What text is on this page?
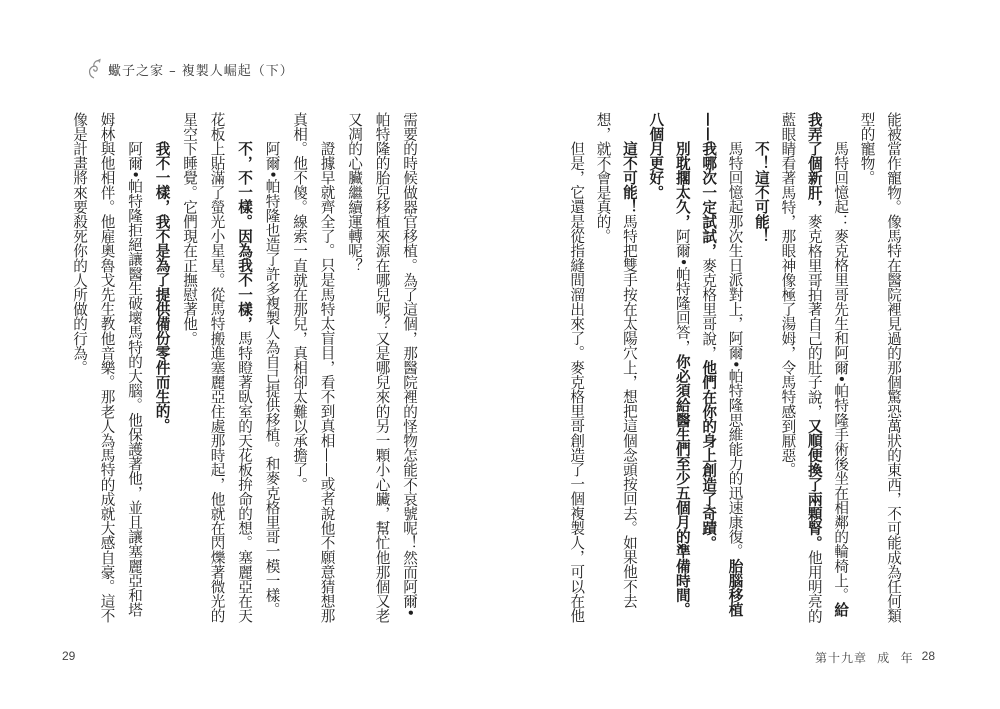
蠍子之家 – 複製人崛起（下）
需要的時候做器官移植。為了這個，那醫院裡的怪物怎能不哀號呢！然而阿爾•
帕特隆的胎兒移植來源在哪兒呢？又是哪兒來的另一顆小心臟，幫忙他那個又老
又凋的心臟繼續運轉呢？
證據早就齊全了。只是馬特太盲目，看不到真相——或者說他不願意猜想那
真相。他不傻。線索一直就在那兒，真相卻太難以承擔了。
阿爾•帕特隆也造了許多複製人為自己提供移植。和麥克格里哥一模一樣。
不，不一樣。因為我不一樣，馬特瞪著臥室的天花板拚命的想。塞麗亞在天
花板上貼滿了螢光小星星。從馬特搬進塞麗亞住處那時起，他就在閃爍著微光的
星空下睡覺。它們現在正撫慰著他。
我不一樣，我不是為了提供備份零件而生的。
阿爾•帕特隆拒絕讓醫生破壞馬特的大腦。他保護著他，並且讓塞麗亞和塔
姆林與他相伴。他雇奧魯戈先生教他音樂。那老人為馬特的成就大感自豪。這不
像是計畫將來要殺死你的人所做的行為。
29
能被當作寵物。像馬特在醫院裡見過的那個驚恐萬狀的東西，不可能成為任何類
型的寵物。
馬特回憶起：麥克格里哥先生和阿爾•帕特隆手術後坐在相鄰的輪椅上。給
我弄了個新肝，麥克格里哥拍著自己的肚子說，又順便換了兩顆腎。他用明亮的
藍眼睛看著馬特，那眼神像極了湯姆，令馬特感到厭惡。
不！這不可能！
馬特回憶起那次生日派對上，阿爾•帕特隆思維能力的迅速康復。胎腦移植
——我哪次一定試試，麥克格里哥說，他們在你的身上創造了奇蹟。
別耽擱太久，阿爾•帕特隆回答，你必須給醫生們至少五個月的準備時間。
八個月更好。
這不可能！馬特把雙手按在太陽穴上，想把這個念頭按回去。如果他不去
想，就不會是真的。
但是，它還是從指縫間溜出來了。麥克格里哥創造了一個複製人，可以在他
第十九章 成 年 28
